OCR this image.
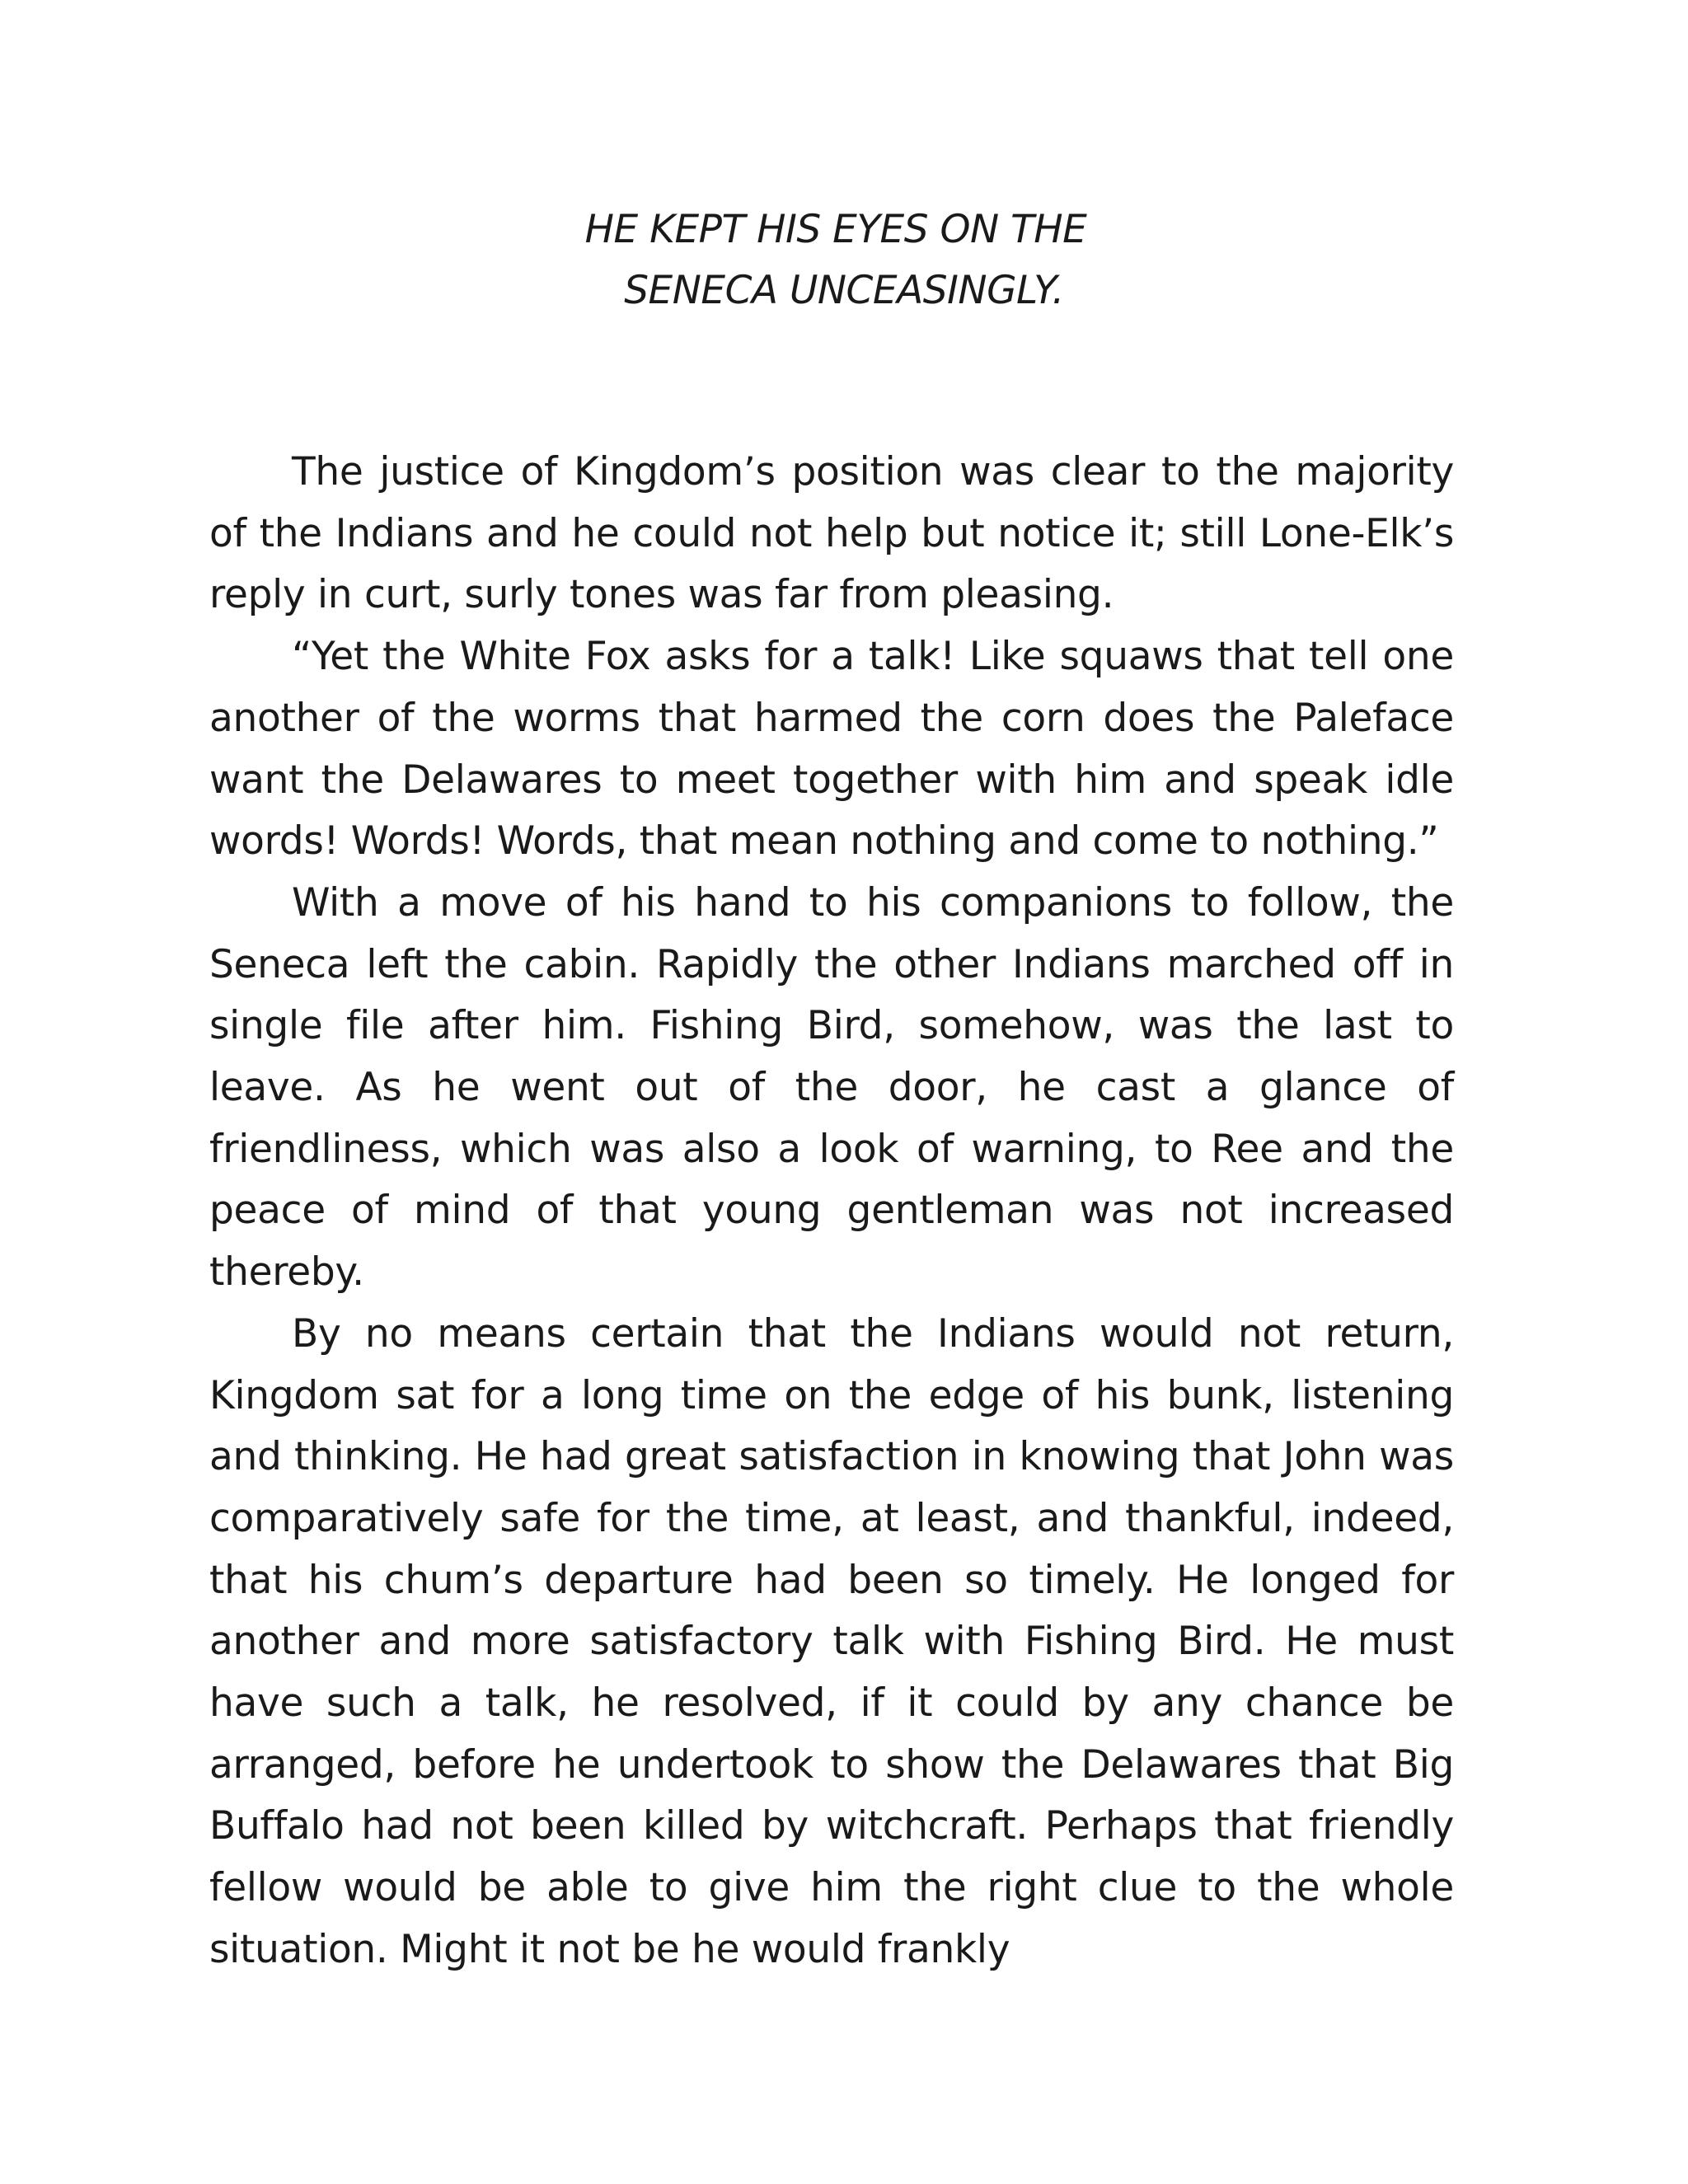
HE KEPT HIS EYES ON THE
SENECA UNCEASINGLY.

The justice of Kingdom’s position was clear to the majority of the Indians and he could not help but notice it; still Lone-Elk’s reply in curt, surly tones was far from pleasing.

“Yet the White Fox asks for a talk! Like squaws that tell one another of the worms that harmed the corn does the Paleface want the Delawares to meet together with him and speak idle words! Words! Words, that mean nothing and come to nothing.”

With a move of his hand to his companions to follow, the Seneca left the cabin. Rapidly the other Indians marched off in single file after him. Fishing Bird, somehow, was the last to leave. As he went out of the door, he cast a glance of friendliness, which was also a look of warning, to Ree and the peace of mind of that young gentleman was not increased thereby.

By no means certain that the Indians would not return, Kingdom sat for a long time on the edge of his bunk, listening and thinking. He had great satisfaction in knowing that John was comparatively safe for the time, at least, and thankful, indeed, that his chum’s departure had been so timely. He longed for another and more satisfactory talk with Fishing Bird. He must have such a talk, he resolved, if it could by any chance be arranged, before he undertook to show the Delawares that Big Buffalo had not been killed by witchcraft. Perhaps that friendly fellow would be able to give him the right clue to the whole situation. Might it not be he would frankly
